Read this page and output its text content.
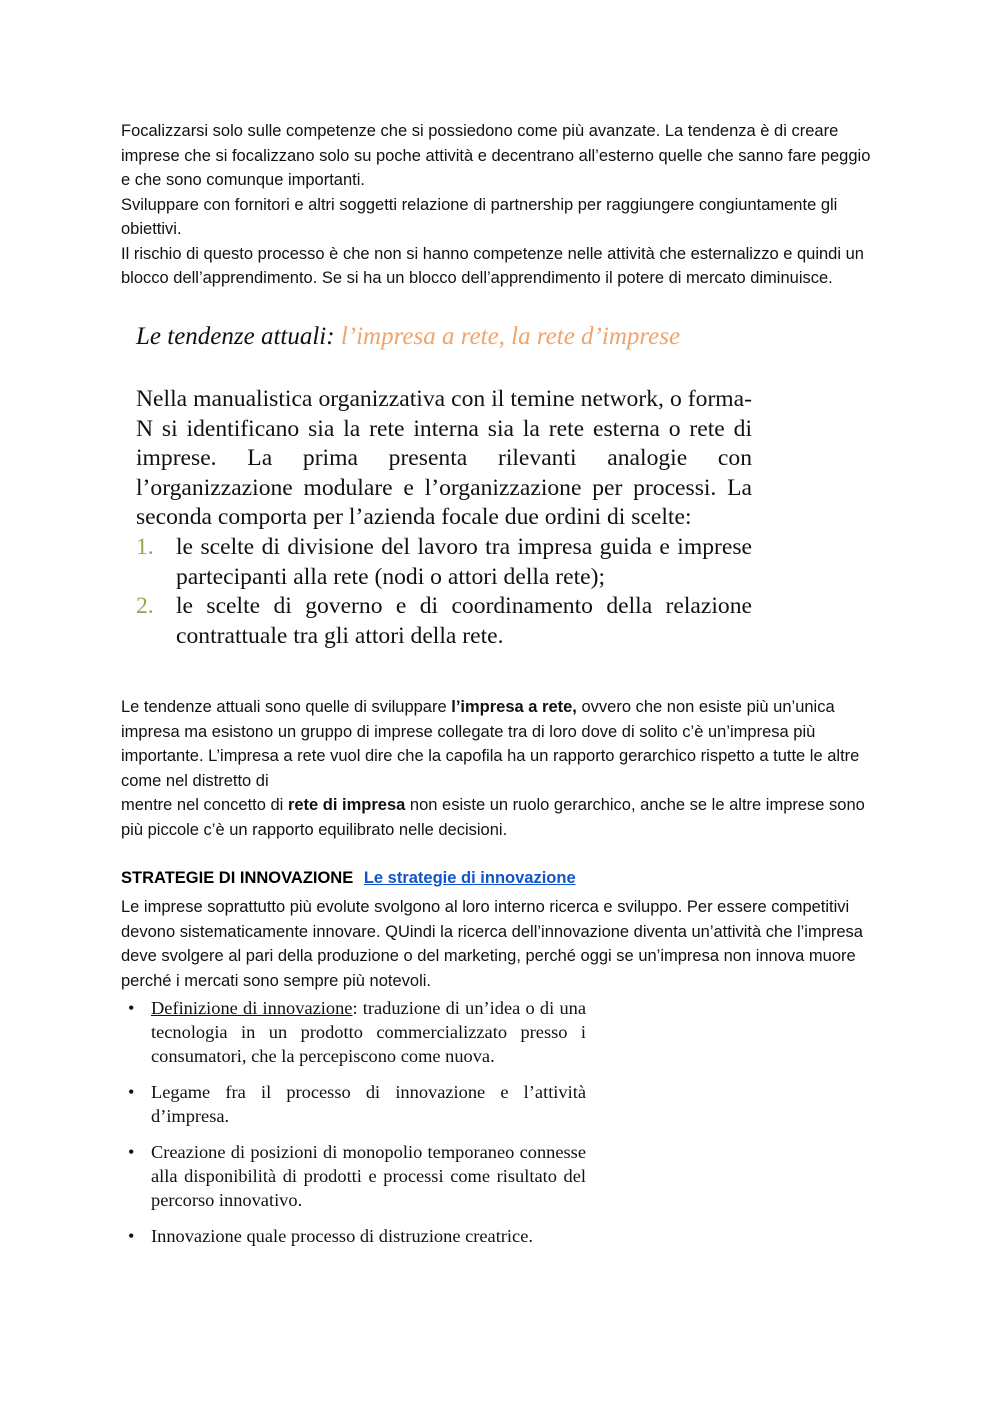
Focalizzarsi solo sulle competenze che si possiedono come più avanzate. La tendenza è di creare imprese che si focalizzano solo su poche attività e decentrano all’esterno quelle che sanno fare peggio e che sono comunque importanti.

Sviluppare con fornitori e altri soggetti relazione di partnership per raggiungere congiuntamente gli obiettivi.

Il rischio di questo processo è che non si hanno competenze nelle attività che esternalizzo e quindi un blocco dell’apprendimento. Se si ha un blocco dell’apprendimento il potere di mercato diminuisce.

Le tendenze attuali: l’impresa a rete, la rete d’imprese

Nella manualistica organizzativa con il temine network, o forma-N si identificano sia la rete interna sia la rete esterna o rete di imprese. La prima presenta rilevanti analogie con l’organizzazione modulare e l’organizzazione per processi. La seconda comporta per l’azienda focale due ordini di scelte:

1. le scelte di divisione del lavoro tra impresa guida e imprese partecipanti alla rete (nodi o attori della rete);
2. le scelte di governo e di coordinamento della relazione contrattuale tra gli attori della rete.

Le tendenze attuali sono quelle di sviluppare l’impresa a rete, ovvero che non esiste più un’unica impresa ma esistono un gruppo di imprese collegate tra di loro dove di solito c’è un’impresa più importante. L’impresa a rete vuol dire che la capofila ha un rapporto gerarchico rispetto a tutte le altre come nel distretto di

mentre nel concetto di rete di impresa non esiste un ruolo gerarchico, anche se le altre imprese sono più piccole c’è un rapporto equilibrato nelle decisioni.

STRATEGIE DI INNOVAZIONE Le strategie di innovazione

Le imprese soprattutto più evolute svolgono al loro interno ricerca e sviluppo. Per essere competitivi devono sistematicamente innovare. QUindi la ricerca dell’innovazione diventa un’attività che l’impresa deve svolgere al pari della produzione o del marketing, perché oggi se un’impresa non innova muore perché i mercati sono sempre più notevoli.

• Definizione di innovazione: traduzione di un’idea o di una tecnologia in un prodotto commercializzato presso i consumatori, che la percepiscono come nuova.
• Legame fra il processo di innovazione e l’attività d’impresa.
• Creazione di posizioni di monopolio temporaneo connesse alla disponibilità di prodotti e processi come risultato del percorso innovativo.
• Innovazione quale processo di distruzione creatrice.
